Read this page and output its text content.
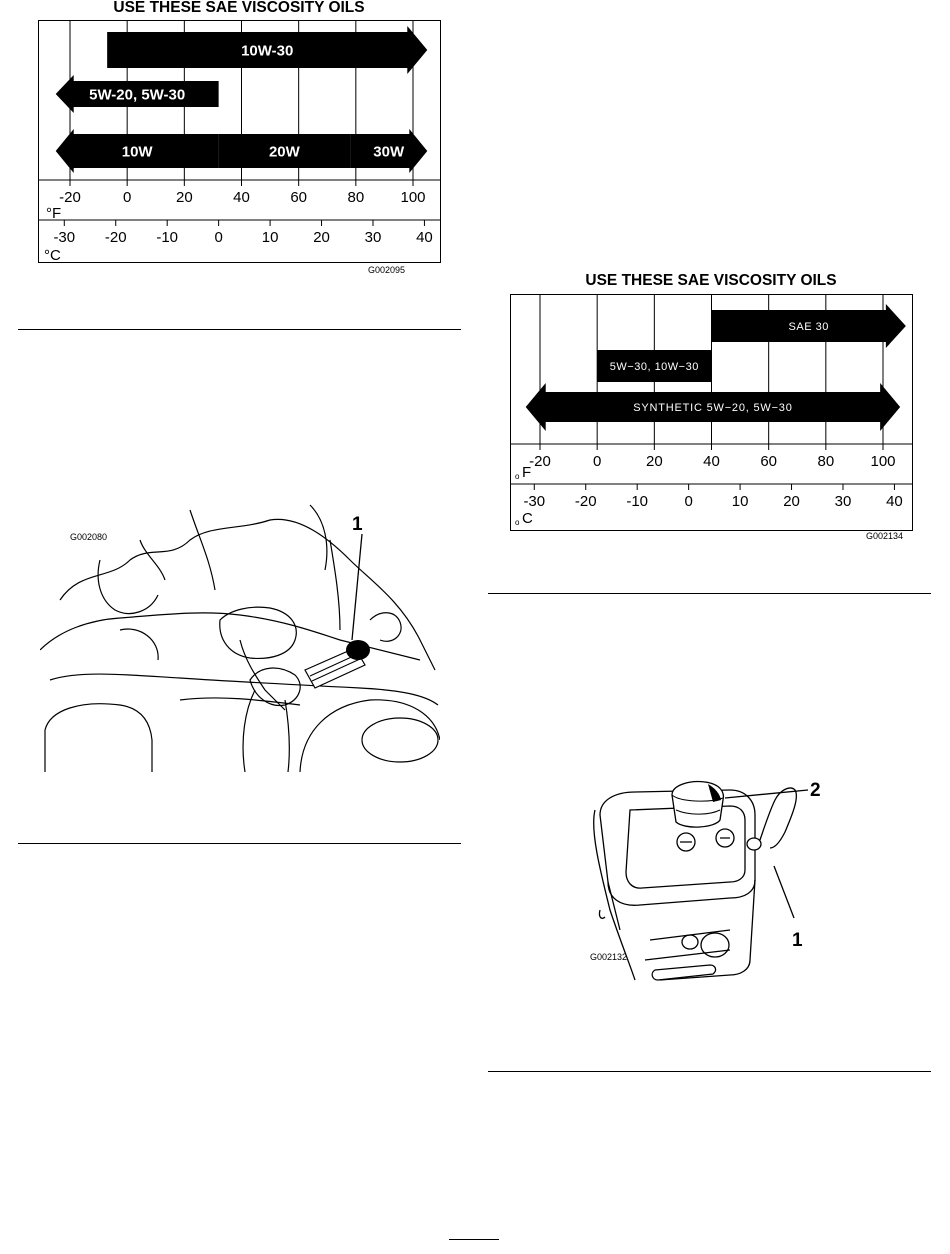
USE THESE SAE VISCOSITY OILS
10W-30
5W-20, 5W-30
10W	20W	30W
-20	0	20	40	60	80 100
-30 -20 -10 0	10 20 30 40
°F
°C
G002095
1
G002080
USE THESE SAE VISCOSITY OILS
SAE 30
5W−30, 10W−30
SYNTHETIC 5W−20, 5W−30
-20	0	20	40	60	80 100
-30 -20 -10 0	10 20 30 40
o F
o C
G002134
2
1
G002132
